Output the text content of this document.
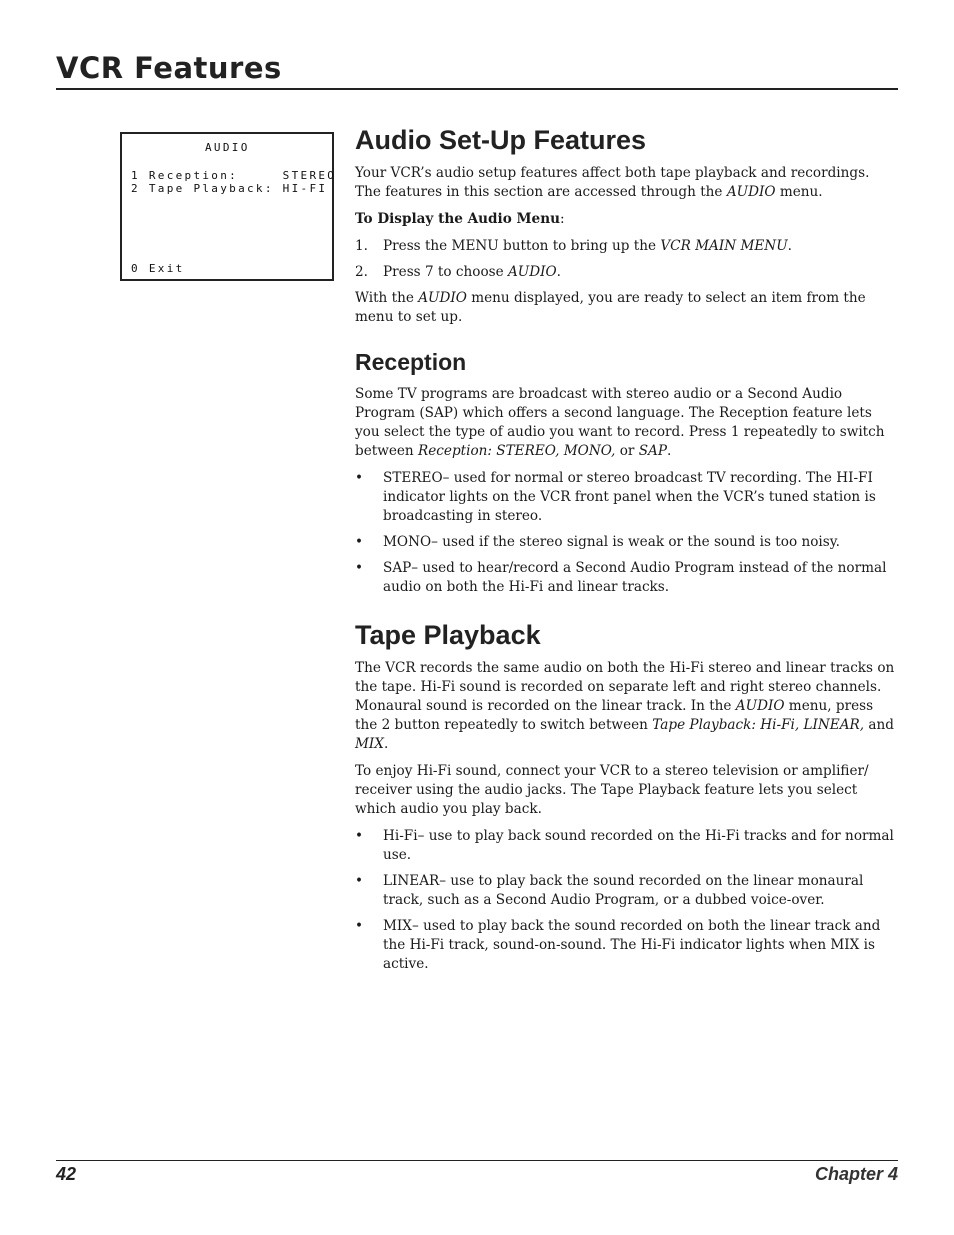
VCR Features
AUDIO
1 Reception:     STEREO
2 Tape Playback: HI-FI
0 Exit
Audio Set-Up Features

Your VCR’s audio setup features affect both tape playback and recordings. The features in this section are accessed through the AUDIO menu.

To Display the Audio Menu:

1. Press the MENU button to bring up the VCR MAIN MENU.
2. Press 7 to choose AUDIO.

With the AUDIO menu displayed, you are ready to select an item from the menu to set up.

Reception

Some TV programs are broadcast with stereo audio or a Second Audio Program (SAP) which offers a second language. The Reception feature lets you select the type of audio you want to record. Press 1 repeatedly to switch between Reception: STEREO, MONO, or SAP.

• STEREO– used for normal or stereo broadcast TV recording. The HI-FI indicator lights on the VCR front panel when the VCR’s tuned station is broadcasting in stereo.
• MONO– used if the stereo signal is weak or the sound is too noisy.
• SAP– used to hear/record a Second Audio Program instead of the normal audio on both the Hi-Fi and linear tracks.
Tape Playback

The VCR records the same audio on both the Hi-Fi stereo and linear tracks on the tape. Hi-Fi sound is recorded on separate left and right stereo channels. Monaural sound is recorded on the linear track. In the AUDIO menu, press the 2 button repeatedly to switch between Tape Playback: Hi-Fi, LINEAR, and MIX.

To enjoy Hi-Fi sound, connect your VCR to a stereo television or amplifier/ receiver using the audio jacks. The Tape Playback feature lets you select which audio you play back.

• Hi-Fi– use to play back sound recorded on the Hi-Fi tracks and for normal use.
• LINEAR– use to play back the sound recorded on the linear monaural track, such as a Second Audio Program, or a dubbed voice-over.
• MIX– used to play back the sound recorded on both the linear track and the Hi-Fi track, sound-on-sound. The Hi-Fi indicator lights when MIX is active.
42	Chapter 4
